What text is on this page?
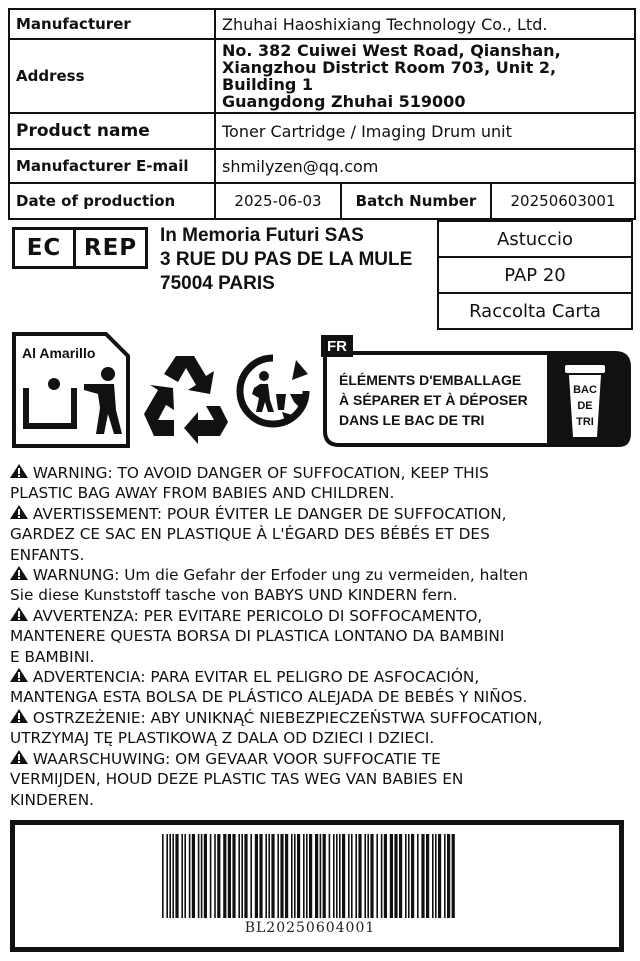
Manufacturer	Zhuhai Haoshixiang Technology Co., Ltd.		
Address	No. 382 Cuiwei West Road, Qianshan,
Xiangzhou District Room 703, Unit 2, Building 1
Guangdong Zhuhai 519000		

Product name	Toner Cartridge / Imaging Drum unit		
Manufacturer E-mail	shmilyzen@qq.com		
Date of production	2025-06-03	Batch Number	20250603001
EC REP	In Memoria Futuri SAS
3 RUE DU PAS DE LA MULE
75004 PARIS
Astuccio
PAP 20
Raccolta Carta
Al Amarillo	FR
ÉLÉMENTS D'EMBALLAGE
À SÉPARER ET À DÉPOSER
DANS LE BAC DE TRI
BAC
DE
TRI

WARNING: TO AVOID DANGER OF SUFFOCATION, KEEP THIS
PLASTIC BAG AWAY FROM BABIES AND CHILDREN.

AVERTISSEMENT: POUR ÉVITER LE DANGER DE SUFFOCATION,
GARDEZ CE SAC EN PLASTIQUE À L'ÉGARD DES BÉBÉS ET DES
ENFANTS.

WARNUNG: Um die Gefahr der Erfoder ung zu vermeiden, halten
Sie diese Kunststoff tasche von BABYS UND KINDERN fern.

AVVERTENZA: PER EVITARE PERICOLO DI SOFFOCAMENTO,
MANTENERE QUESTA BORSA DI PLASTICA LONTANO DA BAMBINI
E BAMBINI.

ADVERTENCIA: PARA EVITAR EL PELIGRO DE ASFOCACIÓN,
MANTENGA ESTA BOLSA DE PLÁSTICO ALEJADA DE BEBÉS Y NIÑOS.

OSTRZEŻENIE: ABY UNIKNĄĆ NIEBEZPIECZEŃSTWA SUFFOCATION,
UTRZYMAJ TĘ PLASTIKOWĄ Z DALA OD DZIECI I DZIECI.

WAARSCHUWING: OM GEVAAR VOOR SUFFOCATIE TE
VERMIJDEN, HOUD DEZE PLASTIC TAS WEG VAN BABIES EN
KINDEREN.

BL20250604001
